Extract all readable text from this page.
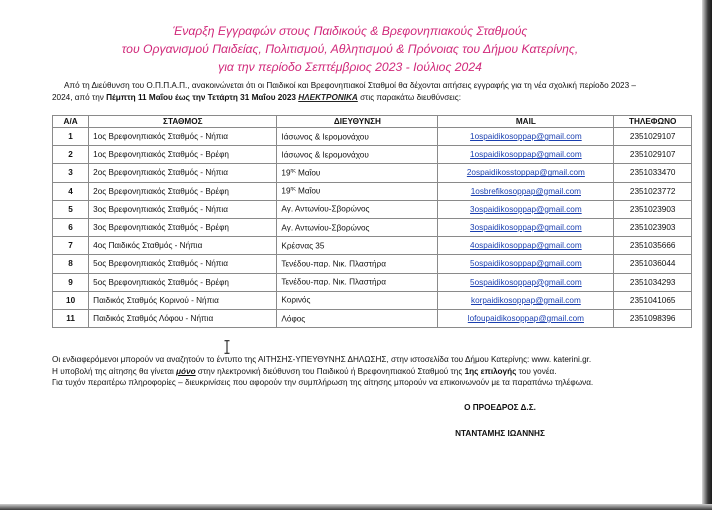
Έναρξη Εγγραφών στους Παιδικούς & Βρεφονηπιακούς Σταθμούς
του Οργανισμού Παιδείας, Πολιτισμού, Αθλητισμού & Πρόνοιας του Δήμου Κατερίνης,
για την περίοδο Σεπτέμβριος 2023 - Ιούλιος 2024
Από τη Διεύθυνση του Ο.Π.Π.Α.Π., ανακοινώνεται ότι οι Παιδικοί και Βρεφονηπιακοί Σταθμοί θα δέχονται αιτήσεις εγγραφής για τη νέα σχολική περίοδο 2023 –
2024, από την Πέμπτη 11 Μαΐου έως την Τετάρτη 31 Μαΐου 2023 ΗΛΕΚΤΡΟΝΙΚΑ στις παρακάτω διευθύνσεις:
Α/Α	ΣΤΑΘΜΟΣ	ΔΙΕΥΘΥΝΣΗ	MAIL	ΤΗΛΕΦΩΝΟ
1	1ος Βρεφονηπιακός Σταθμός - Νήπια	Ιάσωνος & Ιερομονάχου	1ospaidikosoppap@gmail.com	2351029107
2	1ος Βρεφονηπιακός Σταθμός - Βρέφη	Ιάσωνος & Ιερομονάχου	1ospaidikosoppap@gmail.com	2351029107
3	2ος Βρεφονηπιακός Σταθμός - Νήπια	$19^{\eta\varsigma}$ Μαΐου	2ospaidikosstoppap@gmail.com	2351033470
4	2ος Βρεφονηπιακός Σταθμός - Βρέφη	$19^{\eta\varsigma}$ Μαΐου	1osbrefikosoppap@gmail.com	2351023772
5	3ος Βρεφονηπιακός Σταθμός - Νήπια	Αγ. Αντωνίου-Σβορώνος	3ospaidikosoppap@gmail.com	2351023903
6	3ος Βρεφονηπιακός Σταθμός - Βρέφη	Αγ. Αντωνίου-Σβορώνος	3ospaidikosoppap@gmail.com	2351023903
7	4ος Παιδικός Σταθμός - Νήπια	Κρέσνας 35	4ospaidikosoppap@gmail.com	2351035666
8	5ος Βρεφονηπιακός Σταθμός - Νήπια	Τενέδου-παρ. Νικ. Πλαστήρα	5ospaidikosoppap@gmail.com	2351036044
9	5ος Βρεφονηπιακός Σταθμός - Βρέφη	Τενέδου-παρ. Νικ. Πλαστήρα	5ospaidikosoppap@gmail.com	2351034293
10	Παιδικός Σταθμός Κορινού - Νήπια	Κορινός	korpaidikosoppap@gmail.com	2351041065
11	Παιδικός Σταθμός Λόφου - Νήπια	Λόφος	lofoupaidikosoppap@gmail.com	2351098396
Οι ενδιαφερόμενοι μπορούν να αναζητούν το έντυπο της ΑΙΤΗΣΗΣ-ΥΠΕΥΘΥΝΗΣ ΔΗΛΩΣΗΣ, στην ιστοσελίδα του Δήμου Κατερίνης: www. katerini.gr.
Η υποβολή της αίτησης θα γίνεται μόνο στην ηλεκτρονική διεύθυνση του Παιδικού ή Βρεφονηπιακού Σταθμού της 1ης επιλογής του γονέα.
Για τυχόν περαιτέρω πληροφορίες – διευκρινίσεις που αφορούν την συμπλήρωση της αίτησης μπορούν να επικοινωνούν με τα παραπάνω τηλέφωνα.
Ο ΠΡΟΕΔΡΟΣ Δ.Σ.
ΝΤΑΝΤΑΜΗΣ ΙΩΑΝΝΗΣ
